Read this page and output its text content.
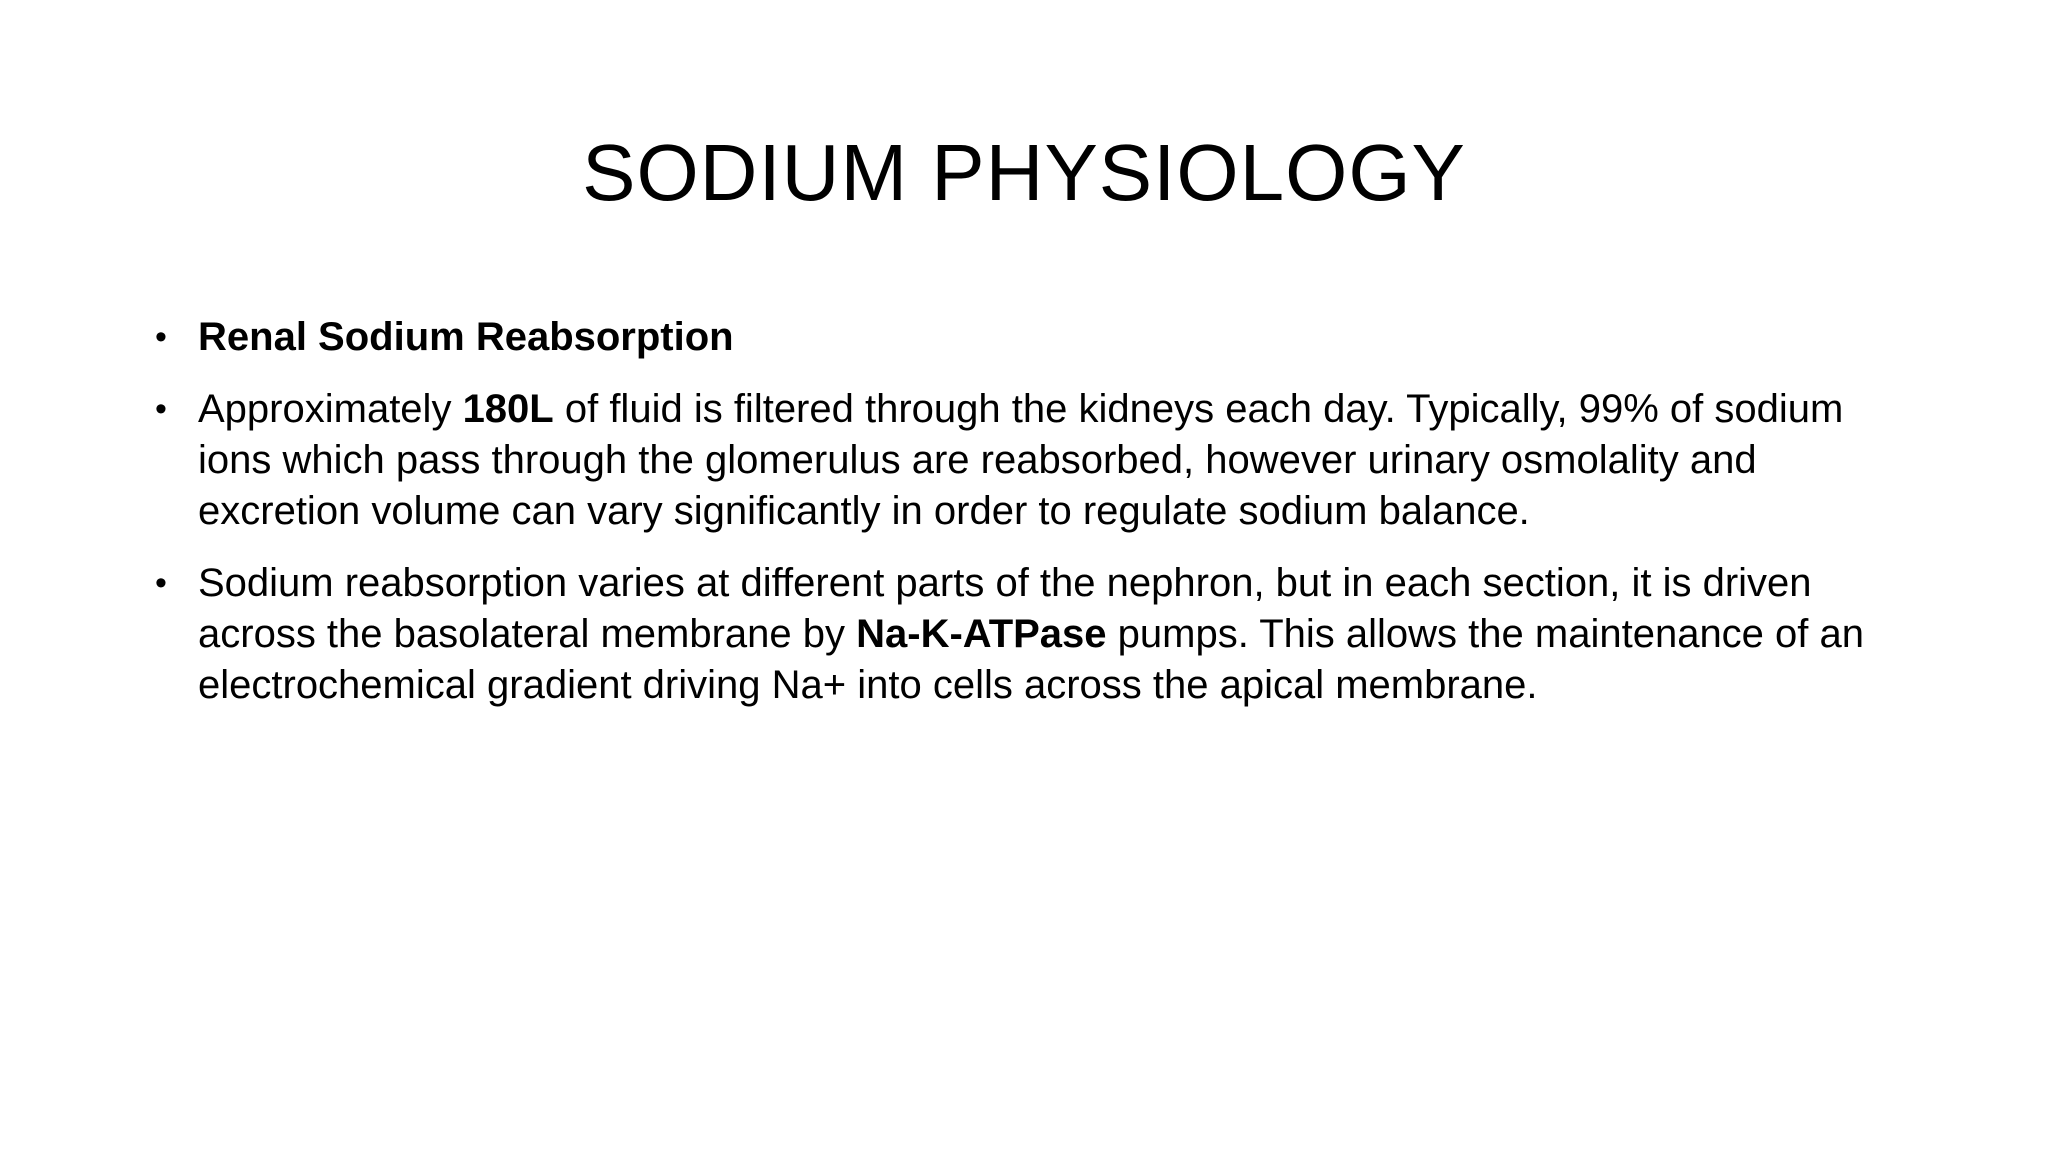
SODIUM PHYSIOLOGY
• Renal Sodium Reabsorption
• Approximately 180L of fluid is filtered through the kidneys each day. Typically, 99% of sodium ions which pass through the glomerulus are reabsorbed, however urinary osmolality and excretion volume can vary significantly in order to regulate sodium balance.
• Sodium reabsorption varies at different parts of the nephron, but in each section, it is driven across the basolateral membrane by Na-K-ATPase pumps. This allows the maintenance of an electrochemical gradient driving Na+ into cells across the apical membrane.
